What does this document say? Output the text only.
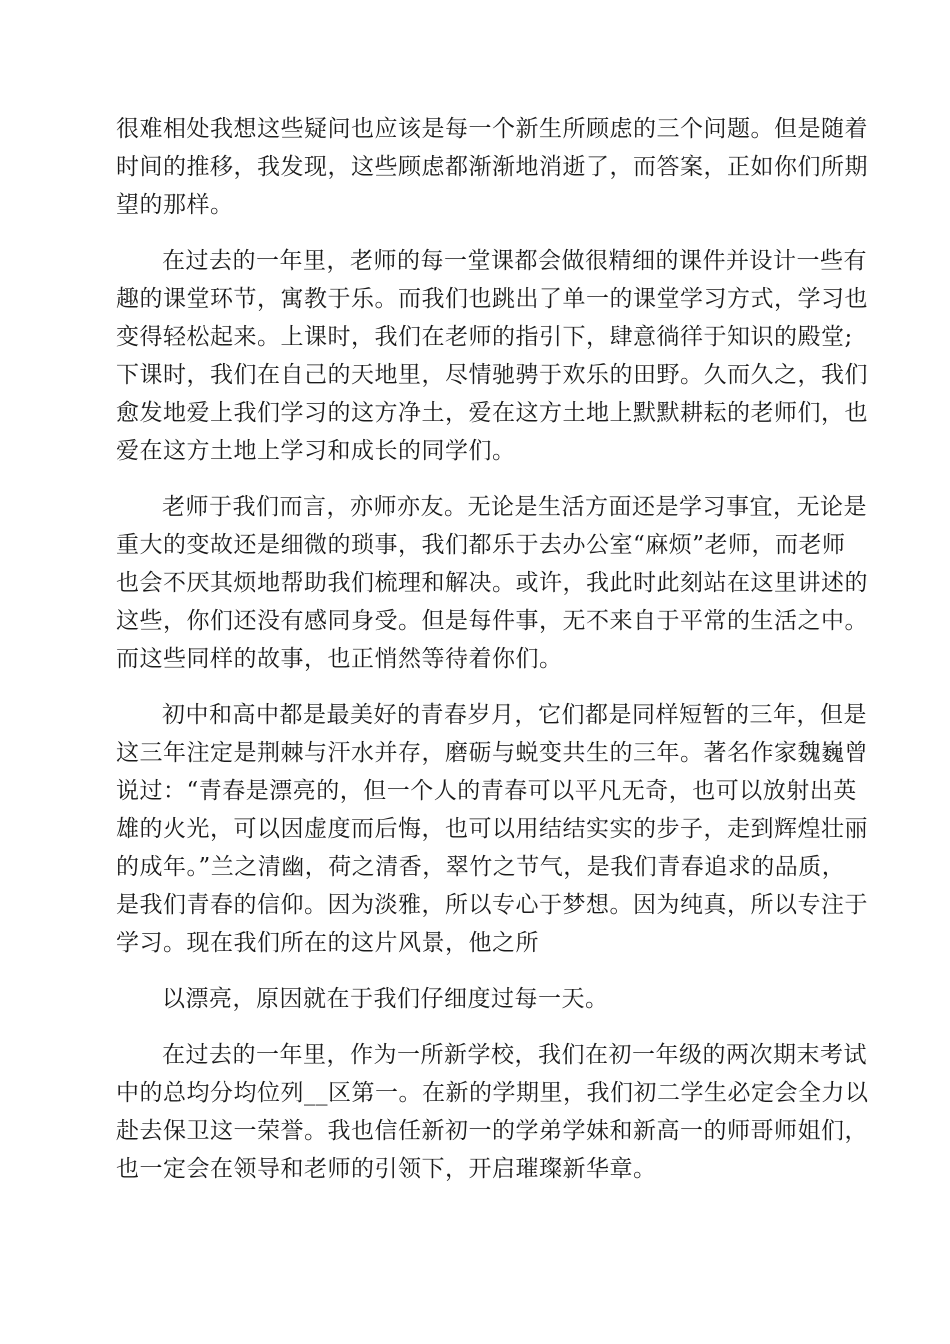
很难相处我想这些疑问也应该是每一个新生所顾虑的三个问题。但是随着
时间的推移，我发现，这些顾虑都渐渐地消逝了，而答案，正如你们所期
望的那样。
在过去的一年里，老师的每一堂课都会做很精细的课件并设计一些有
趣的课堂环节，寓教于乐。而我们也跳出了单一的课堂学习方式，学习也
变得轻松起来。上课时，我们在老师的指引下，肆意徜徉于知识的殿堂;
下课时，我们在自己的天地里，尽情驰骋于欢乐的田野。久而久之，我们
愈发地爱上我们学习的这方净土，爱在这方土地上默默耕耘的老师们，也
爱在这方土地上学习和成长的同学们。
老师于我们而言，亦师亦友。无论是生活方面还是学习事宜，无论是
重大的变故还是细微的琐事，我们都乐于去办公室“麻烦”老师，而老师
也会不厌其烦地帮助我们梳理和解决。或许，我此时此刻站在这里讲述的
这些，你们还没有感同身受。但是每件事，无不来自于平常的生活之中。
而这些同样的故事，也正悄然等待着你们。
初中和高中都是最美好的青春岁月，它们都是同样短暂的三年，但是
这三年注定是荆棘与汗水并存，磨砺与蜕变共生的三年。著名作家魏巍曾
说过：“青春是漂亮的，但一个人的青春可以平凡无奇，也可以放射出英
雄的火光，可以因虚度而后悔，也可以用结结实实的步子，走到辉煌壮丽
的成年。”兰之清幽，荷之清香，翠竹之节气，是我们青春追求的品质，
是我们青春的信仰。因为淡雅，所以专心于梦想。因为纯真，所以专注于
学习。现在我们所在的这片风景，他之所
以漂亮，原因就在于我们仔细度过每一天。
在过去的一年里，作为一所新学校，我们在初一年级的两次期末考试
中的总均分均位列__区第一。在新的学期里，我们初二学生必定会全力以
赴去保卫这一荣誉。我也信任新初一的学弟学妹和新高一的师哥师姐们，
也一定会在领导和老师的引领下，开启璀璨新华章。
